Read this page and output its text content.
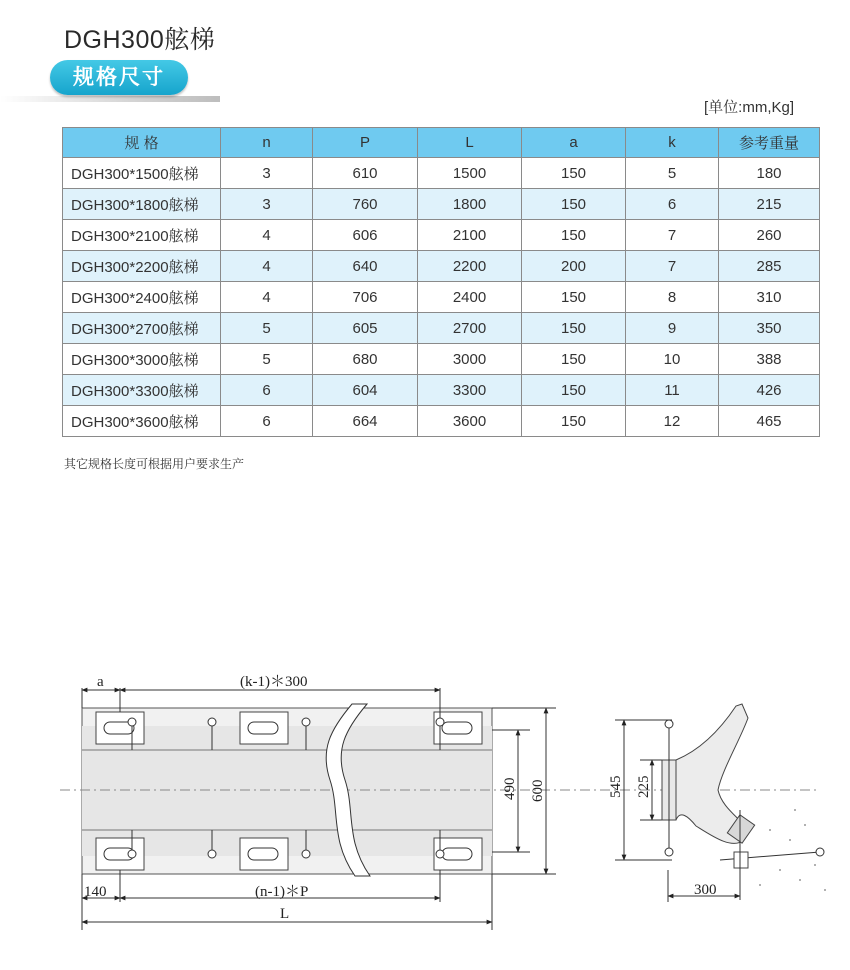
DGH300舷梯
规格尺寸
[单位:mm,Kg]
规 格	n	P	L	a	k	参考重量
DGH300*1500舷梯	3	610	1500	150	5	180
DGH300*1800舷梯	3	760	1800	150	6	215
DGH300*2100舷梯	4	606	2100	150	7	260
DGH300*2200舷梯	4	640	2200	200	7	285
DGH300*2400舷梯	4	706	2400	150	8	310
DGH300*2700舷梯	5	605	2700	150	9	350
DGH300*3000舷梯	5	680	3000	150	10	388
DGH300*3300舷梯	6	604	3300	150	11	426
DGH300*3600舷梯	6	664	3600	150	12	465
其它规格长度可根据用户要求生产
a	(k-1)＊300
140	(n-1)＊P
L
490 600	545 225
300
